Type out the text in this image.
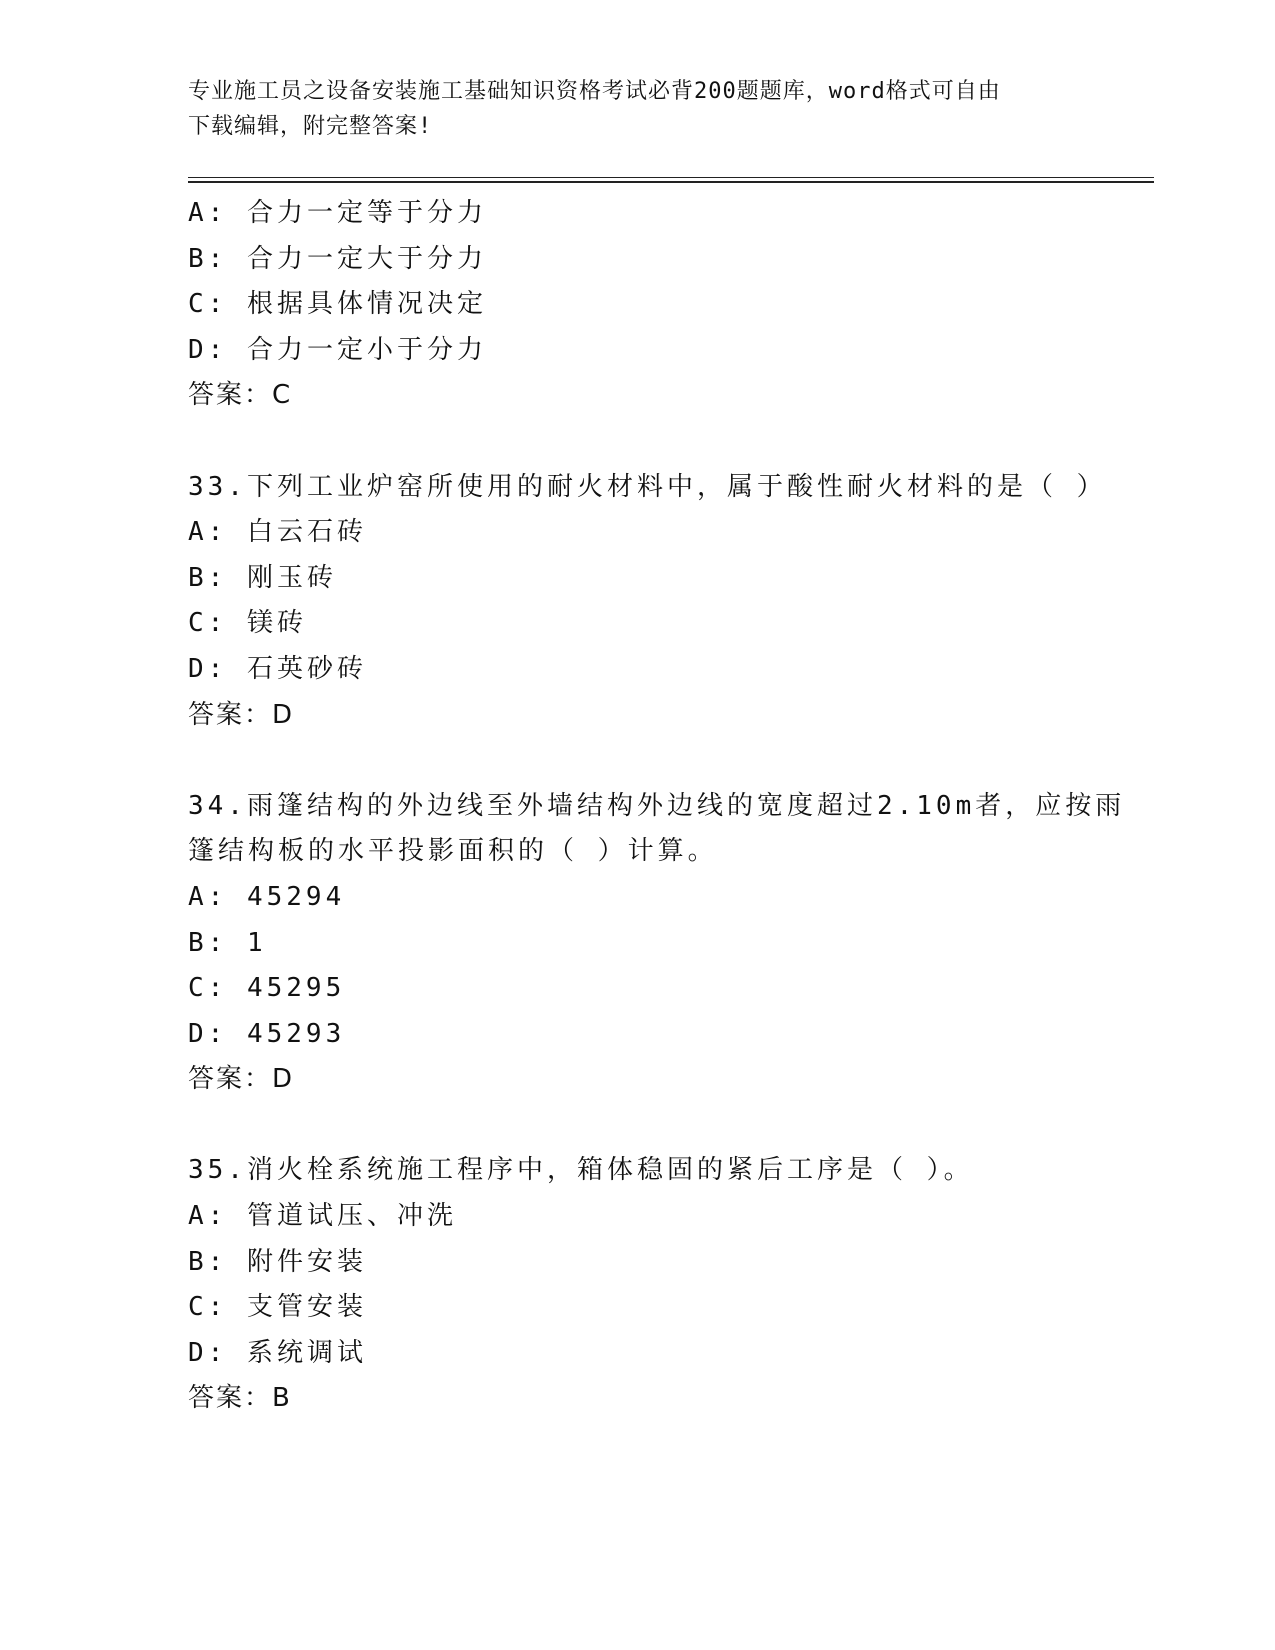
专业施工员之设备安装施工基础知识资格考试必背200题题库，word格式可自由
下载编辑，附完整答案!
A: 合力一定等于分力
B: 合力一定大于分力
C: 根据具体情况决定
D: 合力一定小于分力
答案：C
33.下列工业炉窑所使用的耐火材料中，属于酸性耐火材料的是（ ）
A: 白云石砖
B: 刚玉砖
C: 镁砖
D: 石英砂砖
答案：D
34.雨篷结构的外边线至外墙结构外边线的宽度超过2.10m者，应按雨
篷结构板的水平投影面积的（ ）计算。
A: 45294
B: 1
C: 45295
D: 45293
答案：D
35.消火栓系统施工程序中，箱体稳固的紧后工序是（ ）。
A: 管道试压、冲洗
B: 附件安装
C: 支管安装
D: 系统调试
答案：B
